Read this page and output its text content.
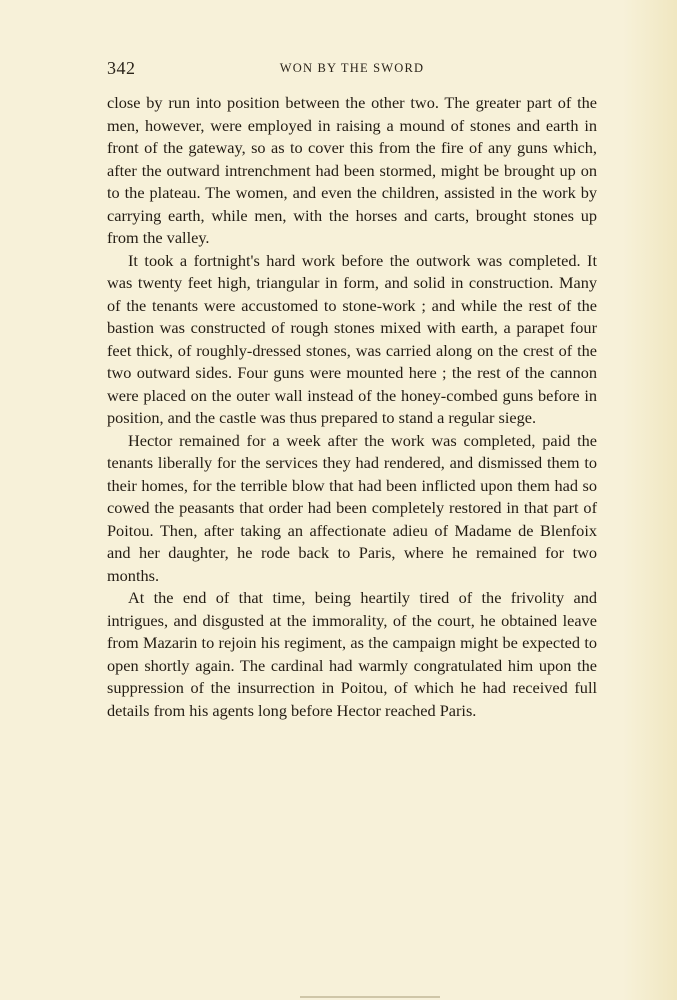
342	WON BY THE SWORD

close by run into position between the other two. The greater part of the men, however, were employed in raising a mound of stones and earth in front of the gateway, so as to cover this from the fire of any guns which, after the outward intrenchment had been stormed, might be brought up on to the plateau. The women, and even the children, assisted in the work by carrying earth, while men, with the horses and carts, brought stones up from the valley.

It took a fortnight's hard work before the outwork was completed. It was twenty feet high, triangular in form, and solid in construction. Many of the tenants were accustomed to stone-work ; and while the rest of the bastion was constructed of rough stones mixed with earth, a parapet four feet thick, of roughly-dressed stones, was carried along on the crest of the two outward sides. Four guns were mounted here ; the rest of the cannon were placed on the outer wall instead of the honey-combed guns before in position, and the castle was thus prepared to stand a regular siege.

Hector remained for a week after the work was completed, paid the tenants liberally for the services they had rendered, and dismissed them to their homes, for the terrible blow that had been inflicted upon them had so cowed the peasants that order had been completely restored in that part of Poitou. Then, after taking an affectionate adieu of Madame de Blenfoix and her daughter, he rode back to Paris, where he remained for two months.

At the end of that time, being heartily tired of the frivolity and intrigues, and disgusted at the immorality, of the court, he obtained leave from Mazarin to rejoin his regiment, as the campaign might be expected to open shortly again. The cardinal had warmly congratulated him upon the suppression of the insurrection in Poitou, of which he had received full details from his agents long before Hector reached Paris.
